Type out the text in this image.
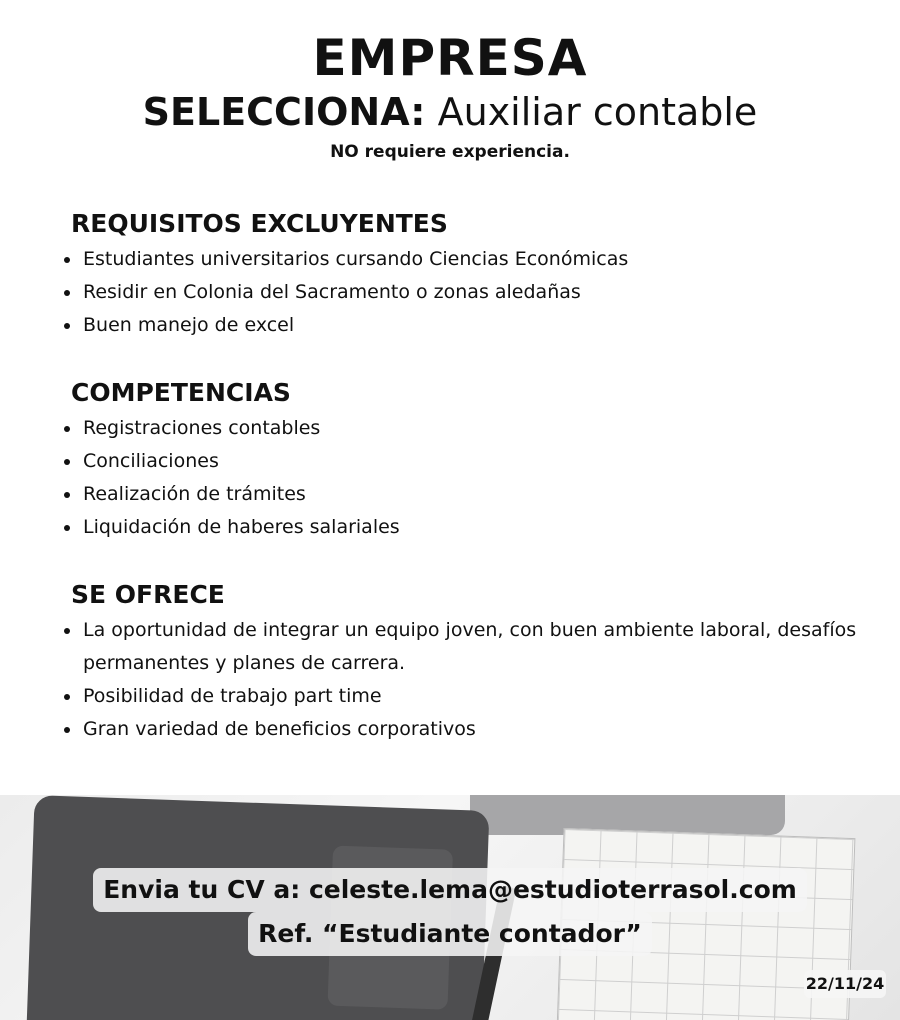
EMPRESA

SELECCIONA: Auxiliar contable

NO requiere experiencia.
REQUISITOS EXCLUYENTES
Estudiantes universitarios cursando Ciencias Económicas
Residir en Colonia del Sacramento o zonas aledañas
Buen manejo de excel
COMPETENCIAS
Registraciones contables
Conciliaciones
Realización de trámites
Liquidación de haberes salariales
SE OFRECE
La oportunidad de integrar un equipo joven, con buen ambiente laboral, desafíos permanentes y planes de carrera.
Posibilidad de trabajo part time
Gran variedad de beneficios corporativos

Envia tu CV a: celeste.lema@estudioterrasol.com

Ref. “Estudiante contador”

22/11/24
